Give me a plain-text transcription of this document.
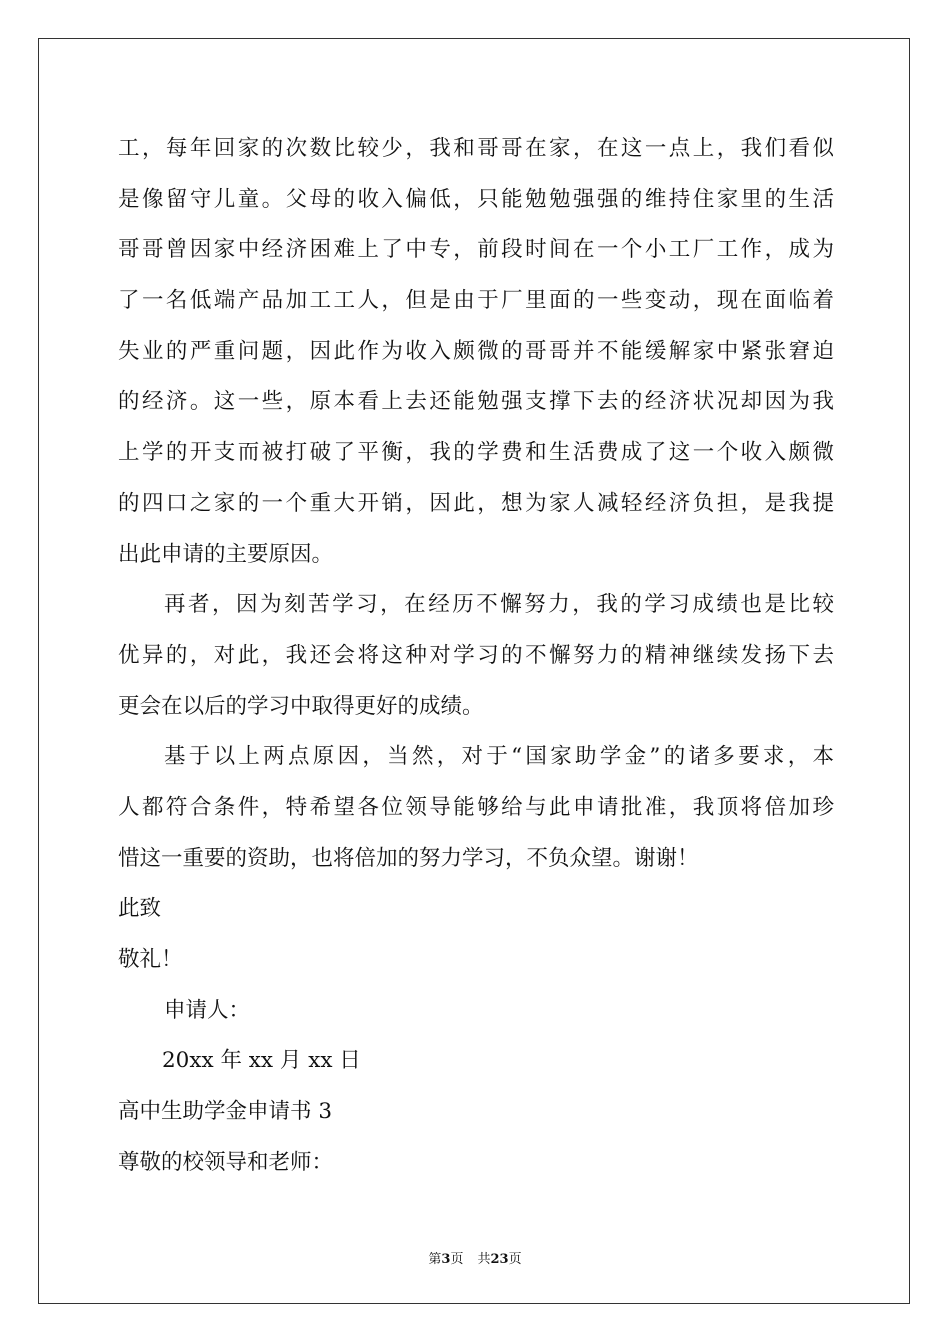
工，每年回家的次数比较少，我和哥哥在家，在这一点上，我们看似
是像留守儿童。父母的收入偏低，只能勉勉强强的维持住家里的生活
哥哥曾因家中经济困难上了中专，前段时间在一个小工厂工作，成为
了一名低端产品加工工人，但是由于厂里面的一些变动，现在面临着
失业的严重问题，因此作为收入颇微的哥哥并不能缓解家中紧张窘迫
的经济。这一些，原本看上去还能勉强支撑下去的经济状况却因为我
上学的开支而被打破了平衡，我的学费和生活费成了这一个收入颇微
的四口之家的一个重大开销，因此，想为家人减轻经济负担，是我提
出此申请的主要原因。
再者，因为刻苦学习，在经历不懈努力，我的学习成绩也是比较
优异的，对此，我还会将这种对学习的不懈努力的精神继续发扬下去
更会在以后的学习中取得更好的成绩。
基于以上两点原因，当然，对于“国家助学金”的诸多要求，本
人都符合条件，特希望各位领导能够给与此申请批准，我顶将倍加珍
惜这一重要的资助，也将倍加的努力学习，不负众望。谢谢！
此致
敬礼！
申请人：
20xx 年 xx 月 xx 日
高中生助学金申请书 3
尊敬的校领导和老师：
第3页 共23页
